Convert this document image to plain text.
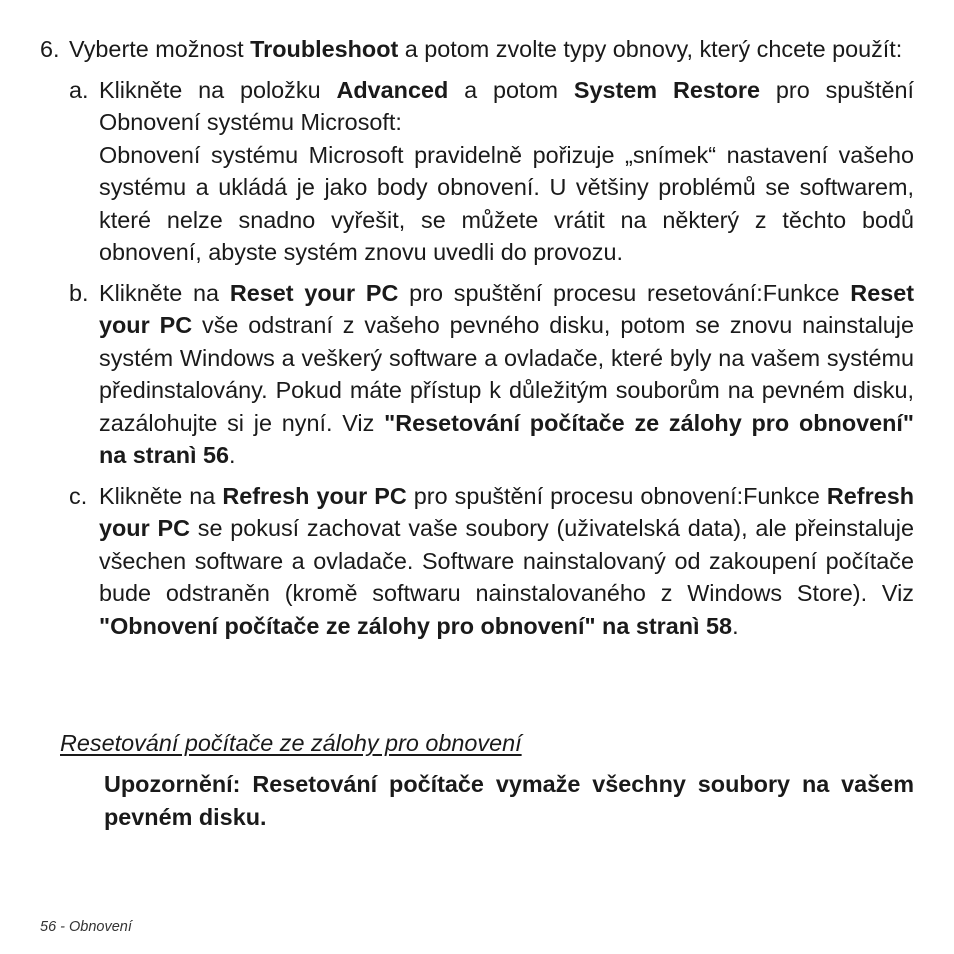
6. Vyberte možnost Troubleshoot a potom zvolte typy obnovy, který chcete použít:
a. Klikněte na položku Advanced a potom System Restore pro spuštění Obnovení systému Microsoft:

Obnovení systému Microsoft pravidelně pořizuje „snímek“ nastavení vašeho systému a ukládá je jako body obnovení. U většiny problémů se softwarem, které nelze snadno vyřešit, se můžete vrátit na některý z těchto bodů obnovení, abyste systém znovu uvedli do provozu.

b. Klikněte na Reset your PC pro spuštění procesu resetování:Funkce Reset your PC vše odstraní z vašeho pevného disku, potom se znovu nainstaluje systém Windows a veškerý software a ovladače, které byly na vašem systému předinstalovány. Pokud máte přístup k důležitým souborům na pevném disku, zazálohujte si je nyní. Viz "Resetování počítače ze zálohy pro obnovení" na stranì 56.

c. Klikněte na Refresh your PC pro spuštění procesu obnovení:Funkce Refresh your PC se pokusí zachovat vaše soubory (uživatelská data), ale přeinstaluje všechen software a ovladače. Software nainstalovaný od zakoupení počítače bude odstraněn (kromě softwaru nainstalovaného z Windows Store). Viz "Obnovení počítače ze zálohy pro obnovení" na stranì 58.

Resetování počítače ze zálohy pro obnovení
Upozornění: Resetování počítače vymaže všechny soubory na vašem pevném disku.
56 - Obnovení
